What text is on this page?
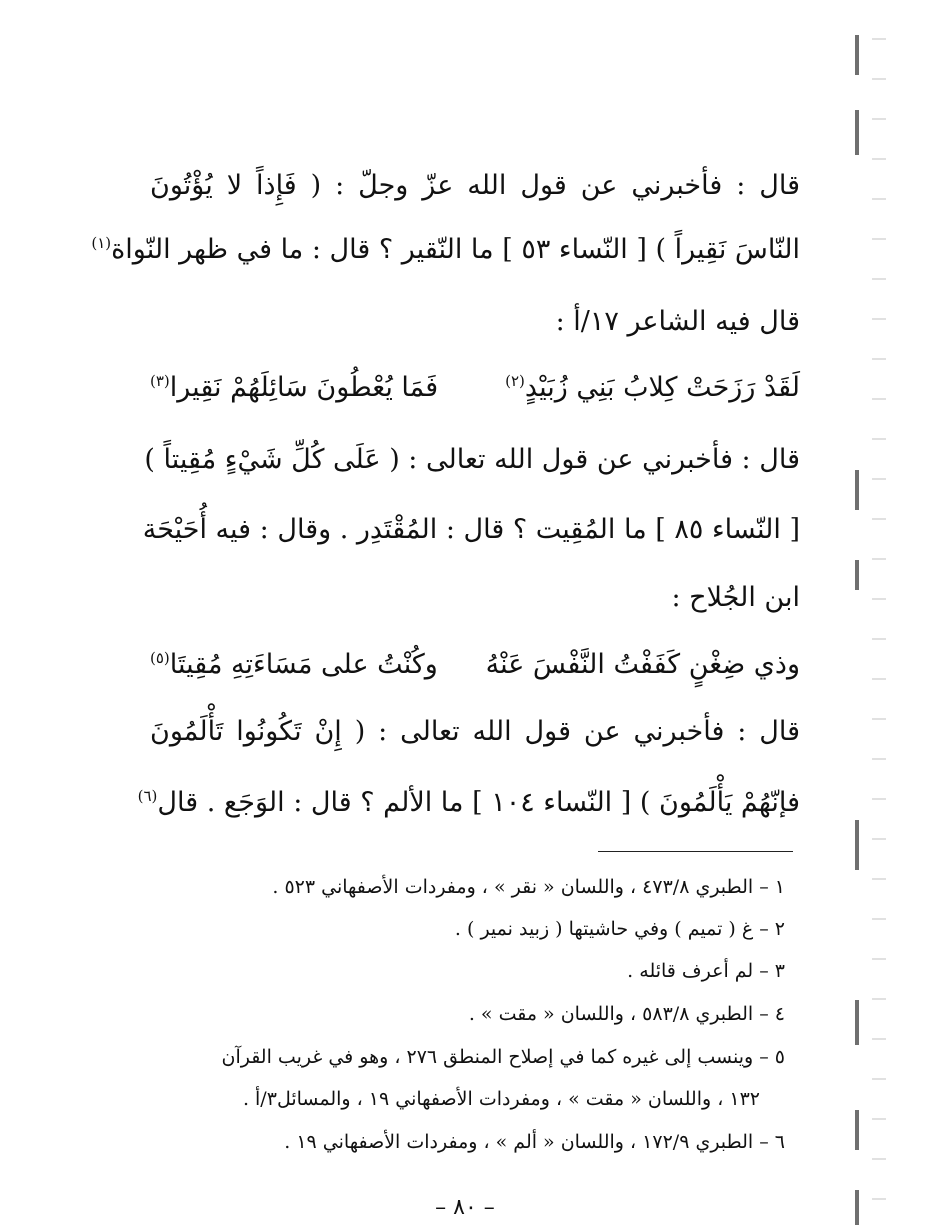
قال : فأخبرني عن قول الله عزّ وجلّ : ( فَإِذاً لا يُؤْتُونَ
النّاسَ نَقِيراً ) [ النّساء ٥٣ ] ما النّقير ؟ قال : ما في ظهر النّواة$^{(١)}$
قال فيه الشاعر ١٧/أ :
لَقَدْ رَزَحَتْ كِلابُ بَنِي زُبَيْدٍ(٢)
فَمَا يُعْطُونَ سَائِلَهُمْ نَقِيرا(٣)
قال : فأخبرني عن قول الله تعالى : ( عَلَى كُلِّ شَيْءٍ مُقِيتاً )
[ النّساء ٨٥ ] ما المُقِيت ؟ قال : المُقْتَدِر . وقال : فيه أُحَيْحَة
ابن الجُلاح :
وذي ضِغْنٍ كَفَفْتُ النَّفْسَ عَنْهُ
وكُنْتُ على مَسَاءَتِهِ مُقِيتَا(٥)
قال : فأخبرني عن قول الله تعالى : ( إِنْ تَكُونُوا تَأْلَمُونَ
فإنّهُمْ يَأْلَمُونَ ) [ النّساء ١٠٤ ] ما الألم ؟ قال : الوَجَع . قال$^{(٦)}$
١ – الطبري ٤٧٣/٨ ، واللسان « نقر » ، ومفردات الأصفهاني ٥٢٣ .
٢ – غ ( تميم ) وفي حاشيتها ( زبيد نمير ) .
٣ – لم أعرف قائله .
٤ – الطبري ٥٨٣/٨ ، واللسان « مقت » .
٥ – وينسب إلى غيره كما في إصلاح المنطق ٢٧٦ ، وهو في غريب القرآن
١٣٢ ، واللسان « مقت » ، ومفردات الأصفهاني ١٩ ، والمسائل٣/أ .
٦ – الطبري ١٧٢/٩ ، واللسان « ألم » ، ومفردات الأصفهاني ١٩ .
– ٨٠ –
